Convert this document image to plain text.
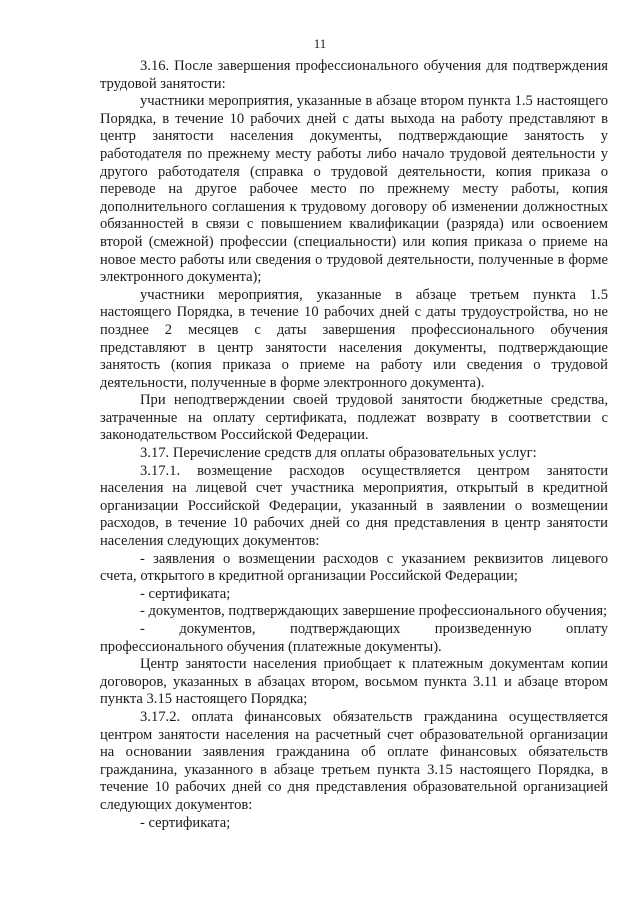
11

3.16. После завершения профессионального обучения для подтверждения трудовой занятости:

участники мероприятия, указанные в абзаце втором пункта 1.5 настоящего Порядка, в течение 10 рабочих дней с даты выхода на работу представляют в центр занятости населения документы, подтверждающие занятость у работодателя по прежнему месту работы либо начало трудовой деятельности у другого работодателя (справка о трудовой деятельности, копия приказа о переводе на другое рабочее место по прежнему месту работы, копия дополнительного соглашения к трудовому договору об изменении должностных обязанностей в связи с повышением квалификации (разряда) или освоением второй (смежной) профессии (специальности) или копия приказа о приеме на новое место работы или сведения о трудовой деятельности, полученные в форме электронного документа);

участники мероприятия, указанные в абзаце третьем пункта 1.5 настоящего Порядка, в течение 10 рабочих дней с даты трудоустройства, но не позднее 2 месяцев с даты завершения профессионального обучения представляют в центр занятости населения документы, подтверждающие занятость (копия приказа о приеме на работу или сведения о трудовой деятельности, полученные в форме электронного документа).

При неподтверждении своей трудовой занятости бюджетные средства, затраченные на оплату сертификата, подлежат возврату в соответствии с законодательством Российской Федерации.

3.17. Перечисление средств для оплаты образовательных услуг:

3.17.1. возмещение расходов осуществляется центром занятости населения на лицевой счет участника мероприятия, открытый в кредитной организации Российской Федерации, указанный в заявлении о возмещении расходов, в течение 10 рабочих дней со дня представления в центр занятости населения следующих документов:

- заявления о возмещении расходов с указанием реквизитов лицевого счета, открытого в кредитной организации Российской Федерации;

- сертификата;

- документов, подтверждающих завершение профессионального обучения;

- документов, подтверждающих произведенную оплату профессионального обучения (платежные документы).

Центр занятости населения приобщает к платежным документам копии договоров, указанных в абзацах втором, восьмом пункта 3.11 и абзаце втором пункта 3.15 настоящего Порядка;

3.17.2. оплата финансовых обязательств гражданина осуществляется центром занятости населения на расчетный счет образовательной организации на основании заявления гражданина об оплате финансовых обязательств гражданина, указанного в абзаце третьем пункта 3.15 настоящего Порядка, в течение 10 рабочих дней со дня представления образовательной организацией следующих документов:

- сертификата;
